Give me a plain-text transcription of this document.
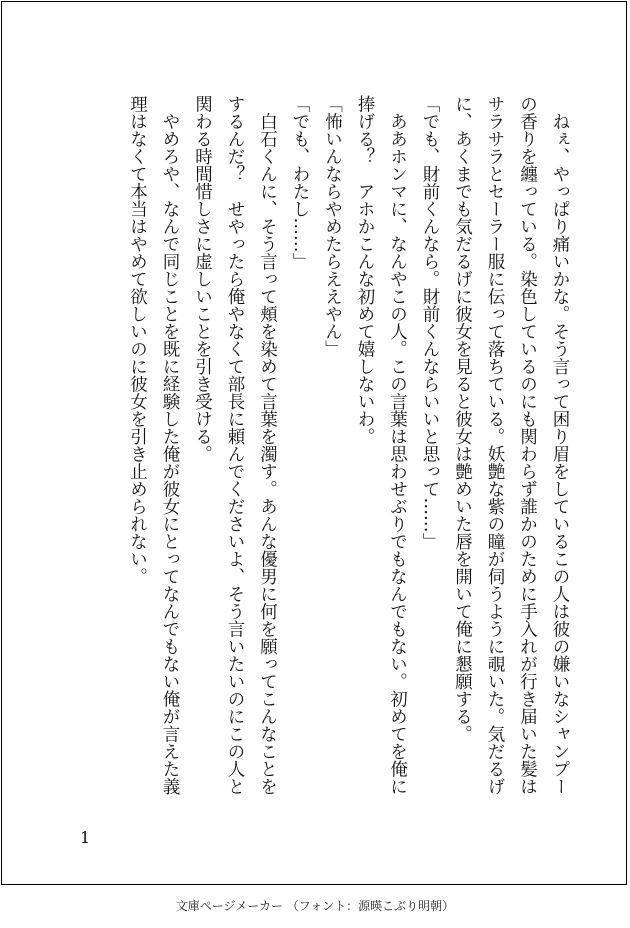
　ねぇ、やっぱり痛いかな。そう言って困り眉をしているこの人は彼の嫌いなシャンプーの香りを纏っている。染色しているのにも関わらず誰かのために手入れが行き届いた髪はサラサラとセーラー服に伝って落ちている。妖艶な紫の瞳が伺うように覗いた。気だるげに、あくまでも気だるげに彼女を見ると彼女は艶めいた唇を開いて俺に懇願する。

「でも、財前くんなら。財前くんならいいと思って……」

　ああホンマに、なんやこの人。この言葉は思わせぶりでもなんでもない。初めてを俺に捧げる？　アホかこんな初めて嬉しないわ。

「怖いんならやめたらええやん」

「でも、わたし……」

　白石くんに、そう言って頬を染めて言葉を濁す。あんな優男に何を願ってこんなことをするんだ？　せやったら俺やなくて部長に頼んでくださいよ、そう言いたいのにこの人と関わる時間惜しさに虚しいことを引き受ける。

　やめろや、なんで同じことを既に経験した俺が彼女にとってなんでもない俺が言えた義理はなくて本当はやめて欲しいのに彼女を引き止められない。

1
文庫ページメーカー （フォント：源暎こぶり明朝）
